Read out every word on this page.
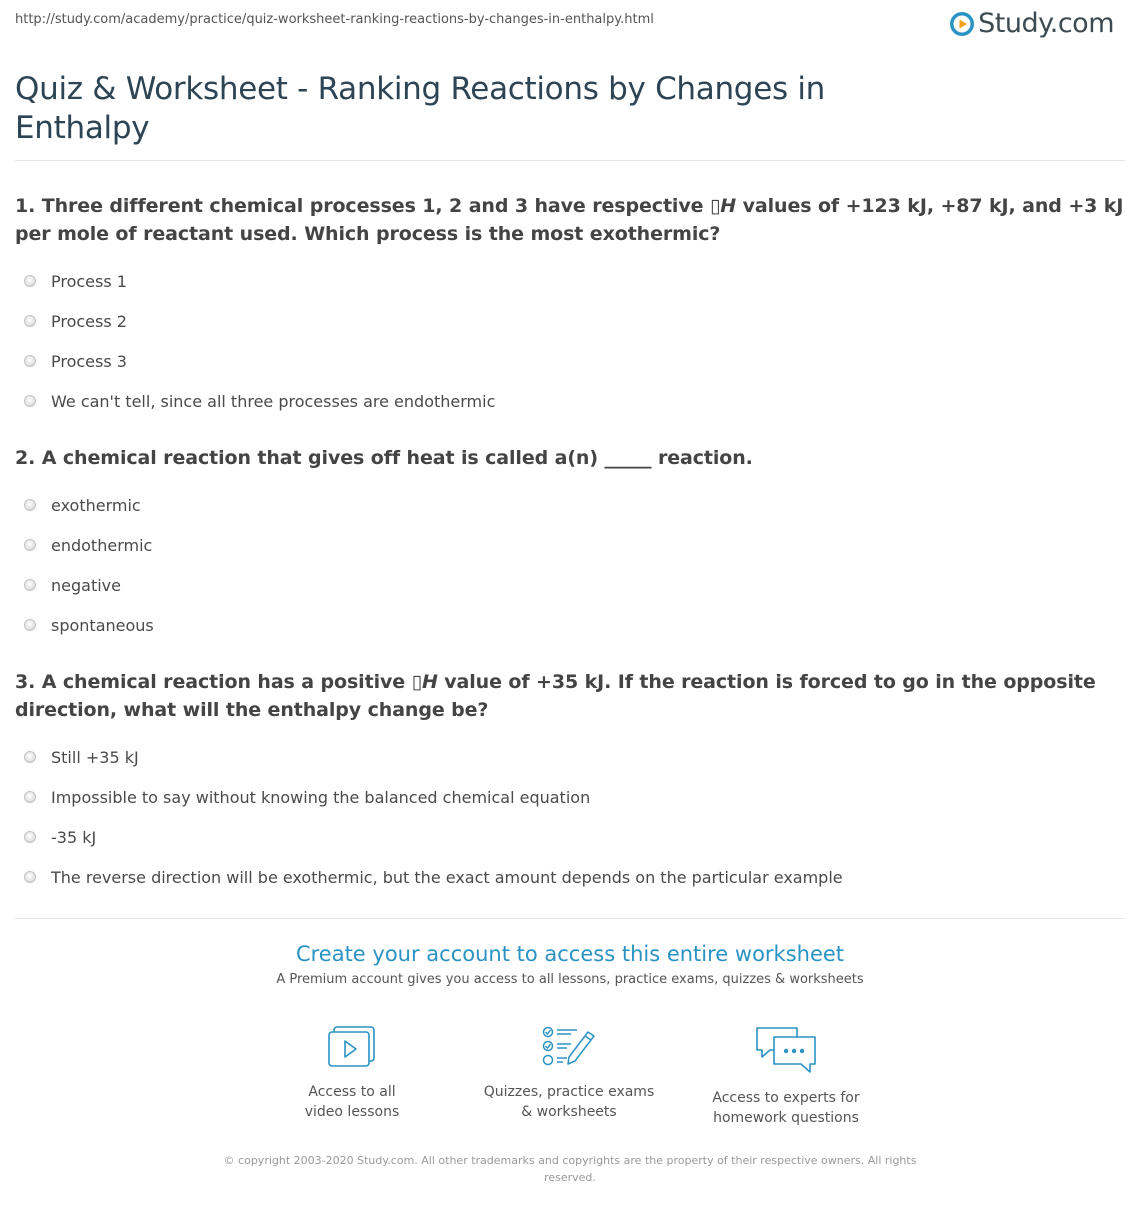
http://study.com/academy/practice/quiz-worksheet-ranking-reactions-by-changes-in-enthalpy.html	Study.com
Quiz & Worksheet - Ranking Reactions by Changes in Enthalpy
1. Three different chemical processes 1, 2 and 3 have respective ▯H values of +123 kJ, +87 kJ, and +3 kJ per mole of reactant used. Which process is the most exothermic?
Process 1
Process 2
Process 3
We can't tell, since all three processes are endothermic
2. A chemical reaction that gives off heat is called a(n) _____ reaction.
exothermic
endothermic
negative
spontaneous
3. A chemical reaction has a positive ▯H value of +35 kJ. If the reaction is forced to go in the opposite direction, what will the enthalpy change be?
Still +35 kJ
Impossible to say without knowing the balanced chemical equation
-35 kJ
The reverse direction will be exothermic, but the exact amount depends on the particular example
Create your account to access this entire worksheet
A Premium account gives you access to all lessons, practice exams, quizzes & worksheets
Access to all
video lessons
Quizzes, practice exams
& worksheets
Access to experts for
homework questions
© copyright 2003-2020 Study.com. All other trademarks and copyrights are the property of their respective owners. All rights reserved.
